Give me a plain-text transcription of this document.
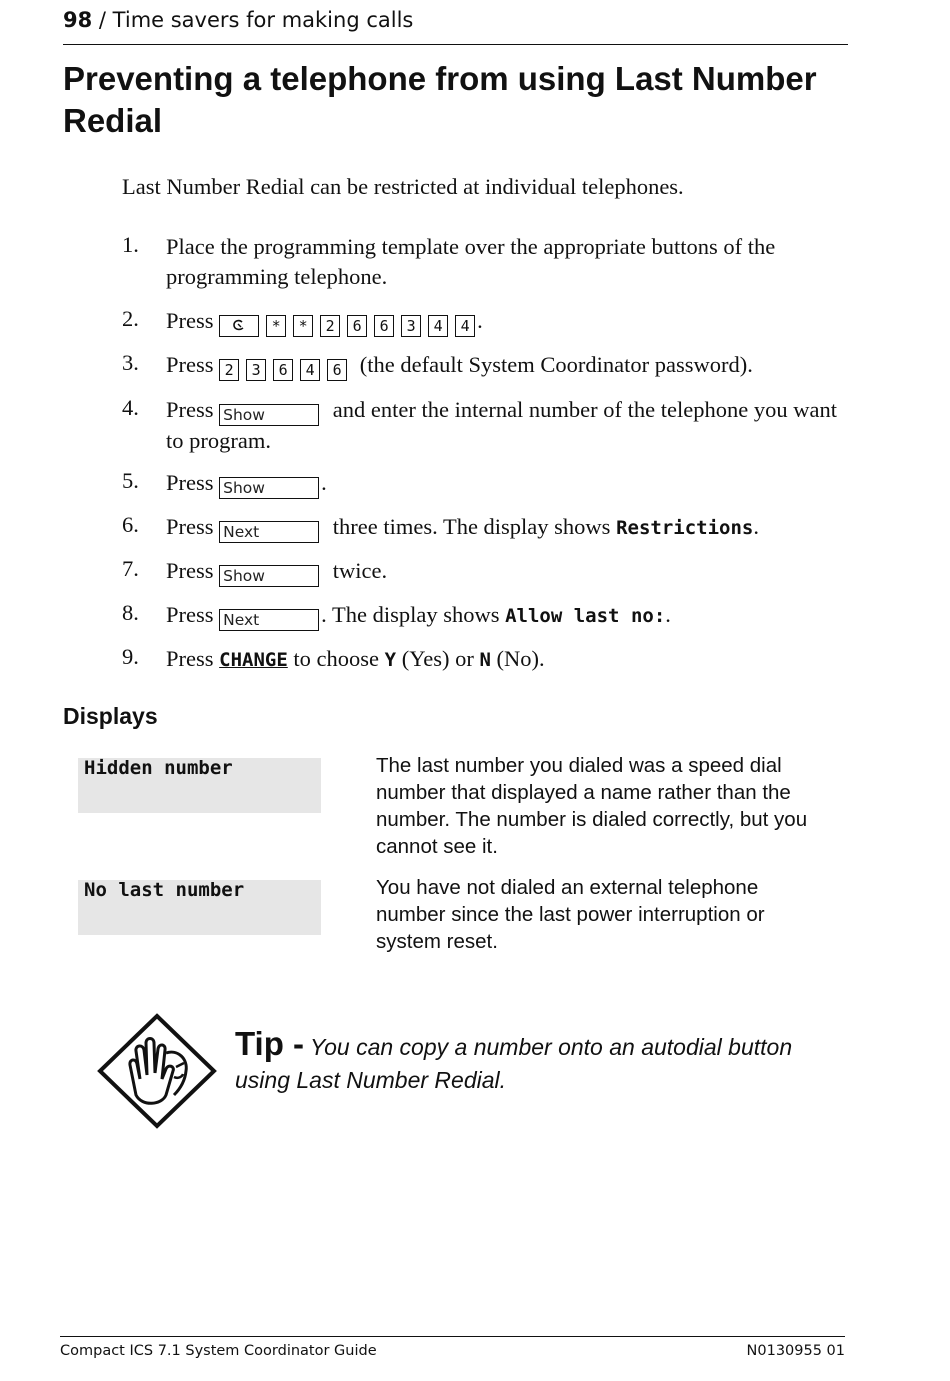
98 / Time savers for making calls
Preventing a telephone from using Last Number Redial
Last Number Redial can be restricted at individual telephones.
1. Place the programming template over the appropriate buttons of the programming telephone.
2. Press	* * 2 6 6 3 4 4 .
3. Press 2 3 6 4 6 (the default System Coordinator password).
4. Press Show	and enter the internal number of the telephone you want to program.
5. Press Show .
6. Press Next	three times. The display shows Restrictions.
7. Press Show	twice.
8. Press Next	. The display shows Allow last no:.
9. Press CHANGE to choose Y (Yes) or N (No).
Displays
Hidden number	The last number you dialed was a speed dial number that displayed a name rather than the number. The number is dialed correctly, but you cannot see it.
No last number	You have not dialed an external telephone number since the last power interruption or system reset.
Tip - You can copy a number onto an autodial button using Last Number Redial.
Compact ICS 7.1 System Coordinator Guide	N0130955 01
